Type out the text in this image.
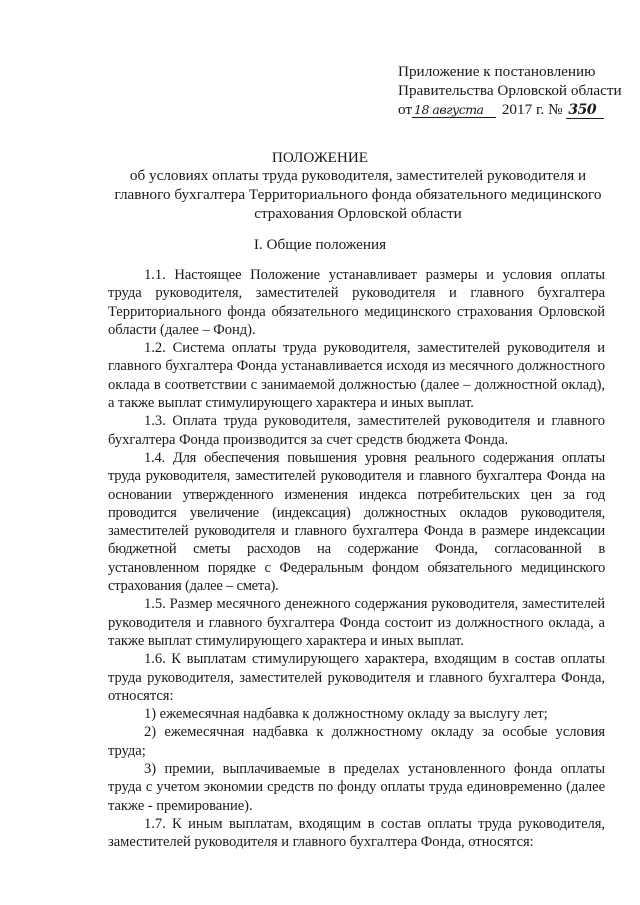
Приложение к постановлению
Правительства Орловской области
от 18 августа 2017 г. № 350
ПОЛОЖЕНИЕ
об условиях оплаты труда руководителя, заместителей руководителя и главного бухгалтера Территориального фонда обязательного медицинского страхования Орловской области
I. Общие положения

1.1. Настоящее Положение устанавливает размеры и условия оплаты труда руководителя, заместителей руководителя и главного бухгалтера Территориального фонда обязательного медицинского страхования Орловской области (далее – Фонд).

1.2. Система оплаты труда руководителя, заместителей руководителя и главного бухгалтера Фонда устанавливается исходя из месячного должностного оклада в соответствии с занимаемой должностью (далее – должностной оклад), а также выплат стимулирующего характера и иных выплат.

1.3. Оплата труда руководителя, заместителей руководителя и главного бухгалтера Фонда производится за счет средств бюджета Фонда.

1.4. Для обеспечения повышения уровня реального содержания оплаты труда руководителя, заместителей руководителя и главного бухгалтера Фонда на основании утвержденного изменения индекса потребительских цен за год проводится увеличение (индексация) должностных окладов руководителя, заместителей руководителя и главного бухгалтера Фонда в размере индексации бюджетной сметы расходов на содержание Фонда, согласованной в установленном порядке с Федеральным фондом обязательного медицинского страхования (далее – смета).

1.5. Размер месячного денежного содержания руководителя, заместителей руководителя и главного бухгалтера Фонда состоит из должностного оклада, а также выплат стимулирующего характера и иных выплат.

1.6. К выплатам стимулирующего характера, входящим в состав оплаты труда руководителя, заместителей руководителя и главного бухгалтера Фонда, относятся:

1) ежемесячная надбавка к должностному окладу за выслугу лет;

2) ежемесячная надбавка к должностному окладу за особые условия труда;

3) премии, выплачиваемые в пределах установленного фонда оплаты труда с учетом экономии средств по фонду оплаты труда единовременно (далее также - премирование).

1.7. К иным выплатам, входящим в состав оплаты труда руководителя, заместителей руководителя и главного бухгалтера Фонда, относятся:
